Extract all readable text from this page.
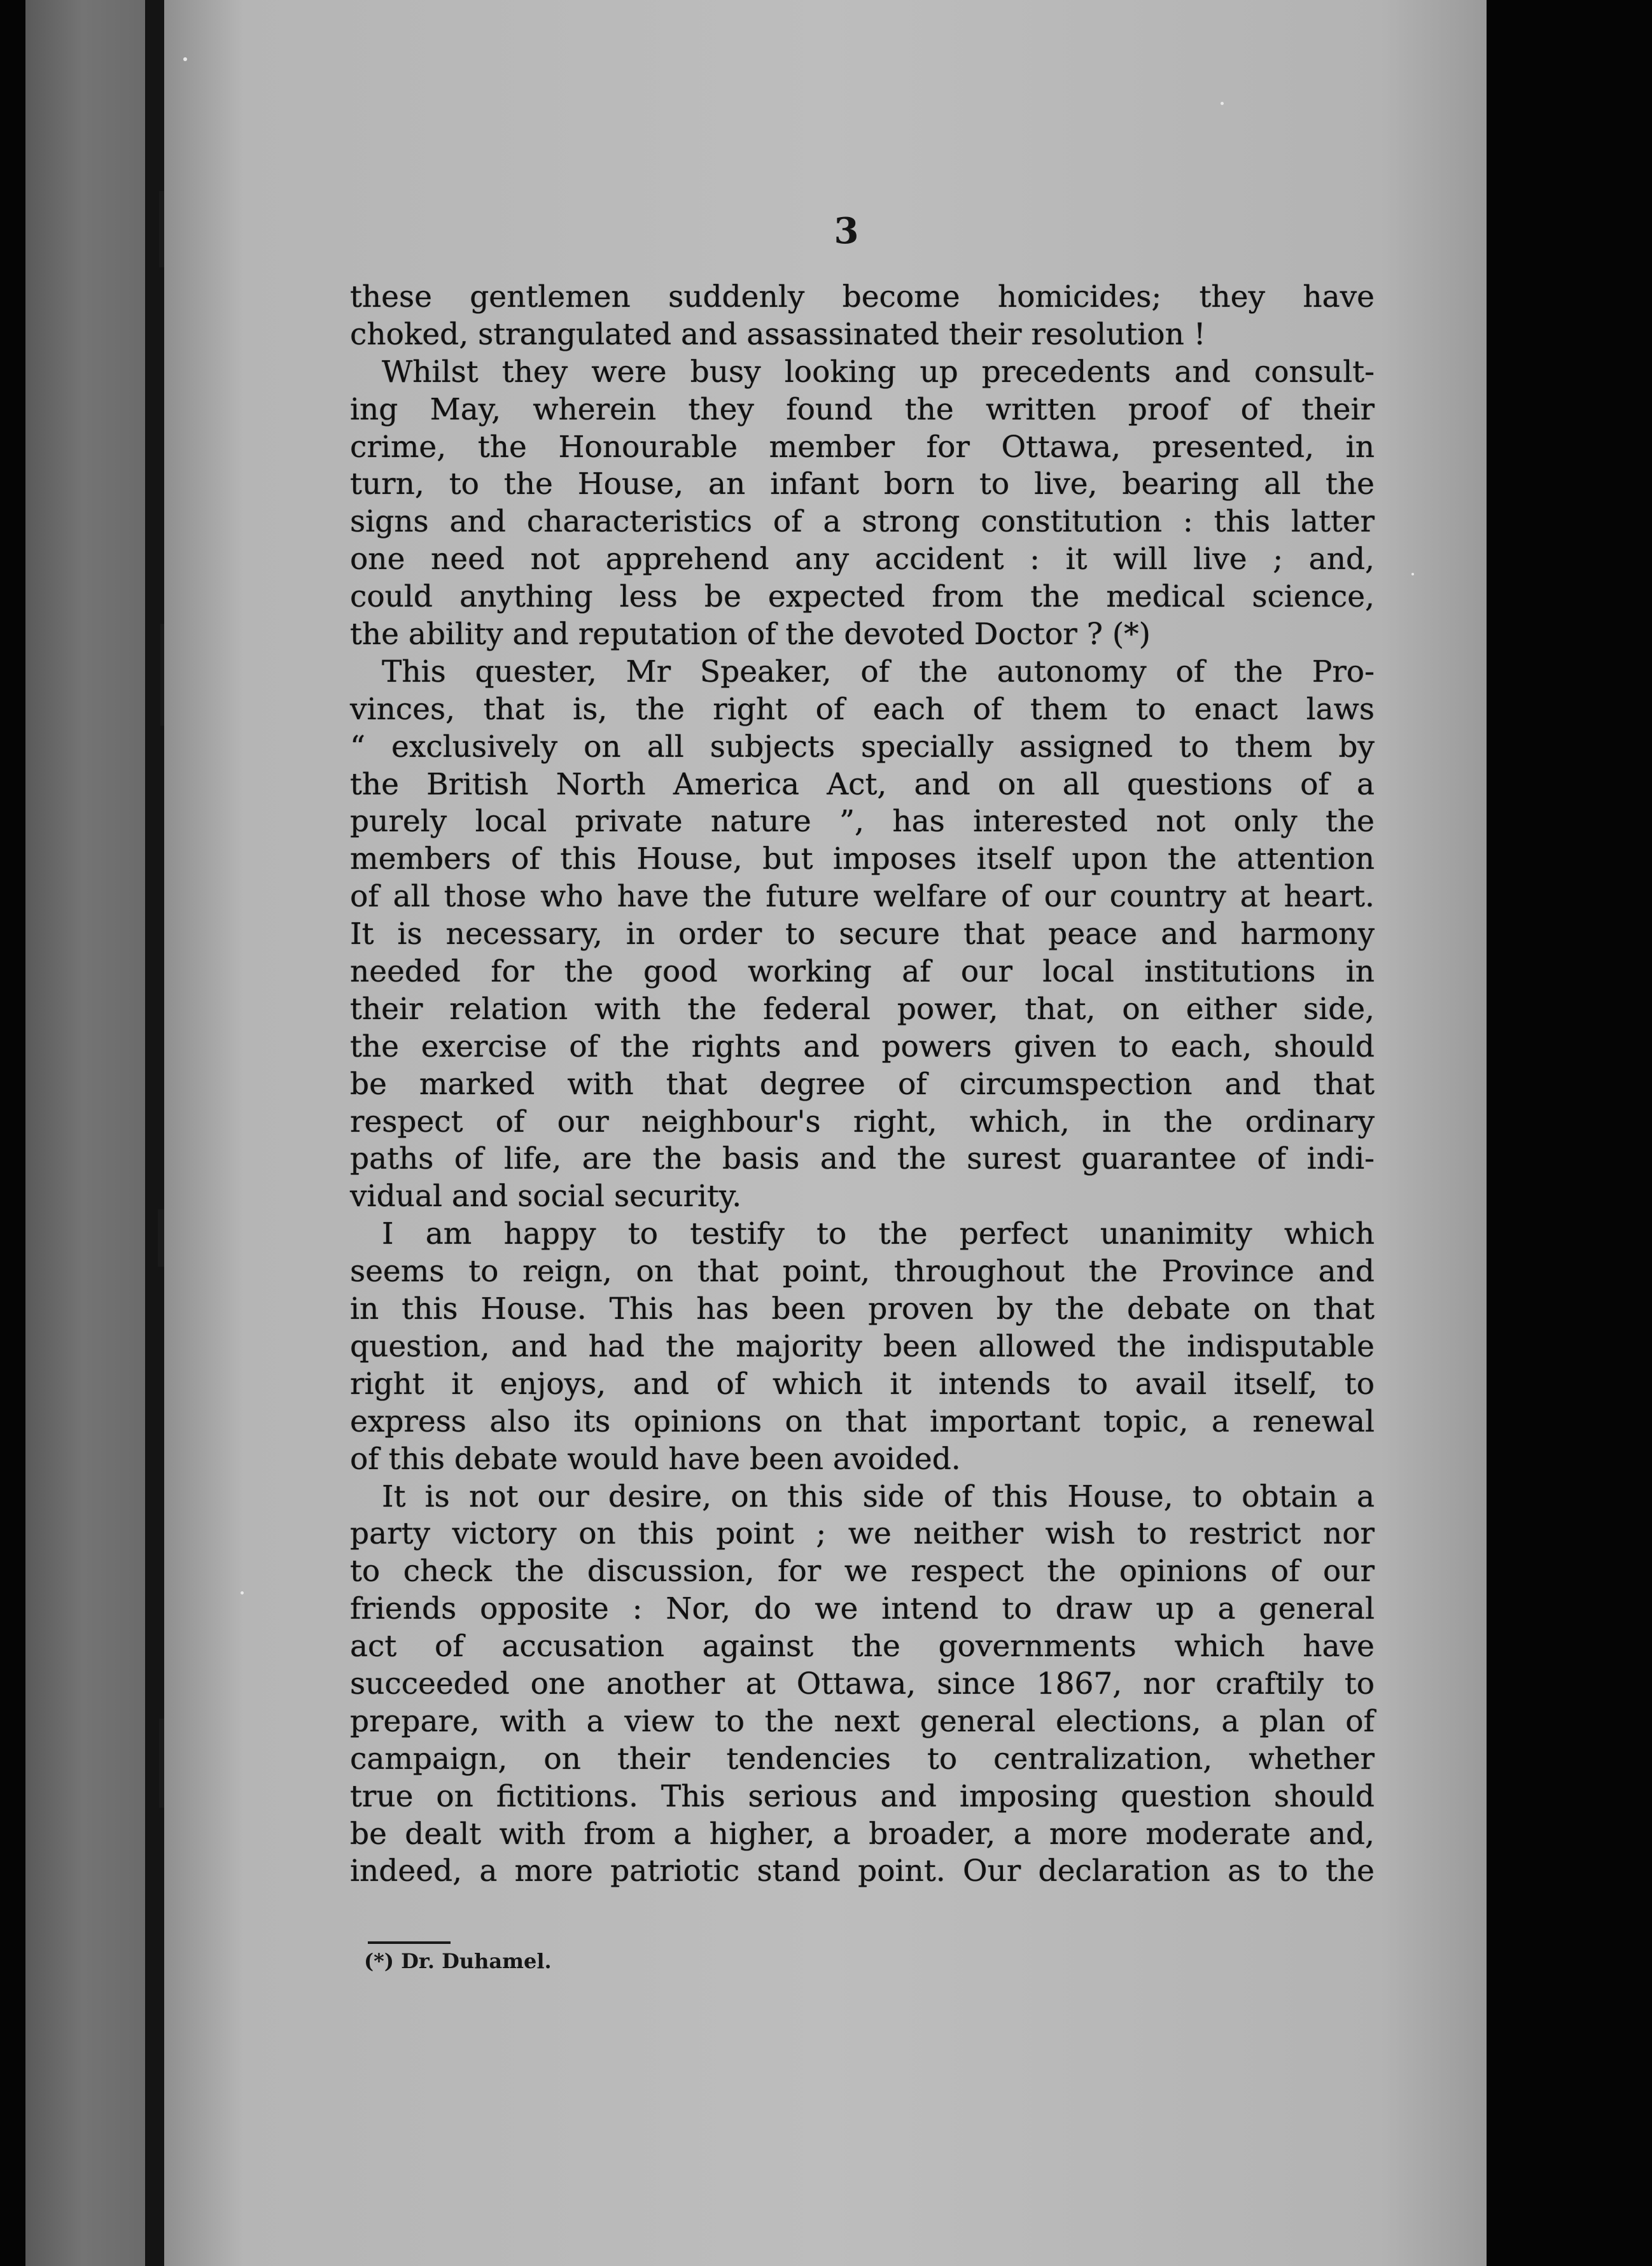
3
these gentlemen suddenly become homicides; they have
choked, strangulated and assassinated their resolution !
Whilst they were busy looking up precedents and consult-
ing May, wherein they found the written proof of their
crime, the Honourable member for Ottawa, presented, in
turn, to the House, an infant born to live, bearing all the
signs and characteristics of a strong constitution : this latter
one need not apprehend any accident : it will live ; and,
could anything less be expected from the medical science,
the ability and reputation of the devoted Doctor ? (*)
This quester, Mr Speaker, of the autonomy of the Pro-
vinces, that is, the right of each of them to enact laws
“ exclusively on all subjects specially assigned to them by
the British North America Act, and on all questions of a
purely local private nature ”, has interested not only the
members of this House, but imposes itself upon the attention
of all those who have the future welfare of our country at heart.
It is necessary, in order to secure that peace and harmony
needed for the good working af our local institutions in
their relation with the federal power, that, on either side,
the exercise of the rights and powers given to each, should
be marked with that degree of circumspection and that
respect of our neighbour's right, which, in the ordinary
paths of life, are the basis and the surest guarantee of indi-
vidual and social security.
I am happy to testify to the perfect unanimity which
seems to reign, on that point, throughout the Province and
in this House. This has been proven by the debate on that
question, and had the majority been allowed the indisputable
right it enjoys, and of which it intends to avail itself, to
express also its opinions on that important topic, a renewal
of this debate would have been avoided.
It is not our desire, on this side of this House, to obtain a
party victory on this point ; we neither wish to restrict nor
to check the discussion, for we respect the opinions of our
friends opposite : Nor, do we intend to draw up a general
act of accusation against the governments which have
succeeded one another at Ottawa, since 1867, nor craftily to
prepare, with a view to the next general elections, a plan of
campaign, on their tendencies to centralization, whether
true on fictitions. This serious and imposing question should
be dealt with from a higher, a broader, a more moderate and,
indeed, a more patriotic stand point. Our declaration as to the
(*) Dr. Duhamel.
